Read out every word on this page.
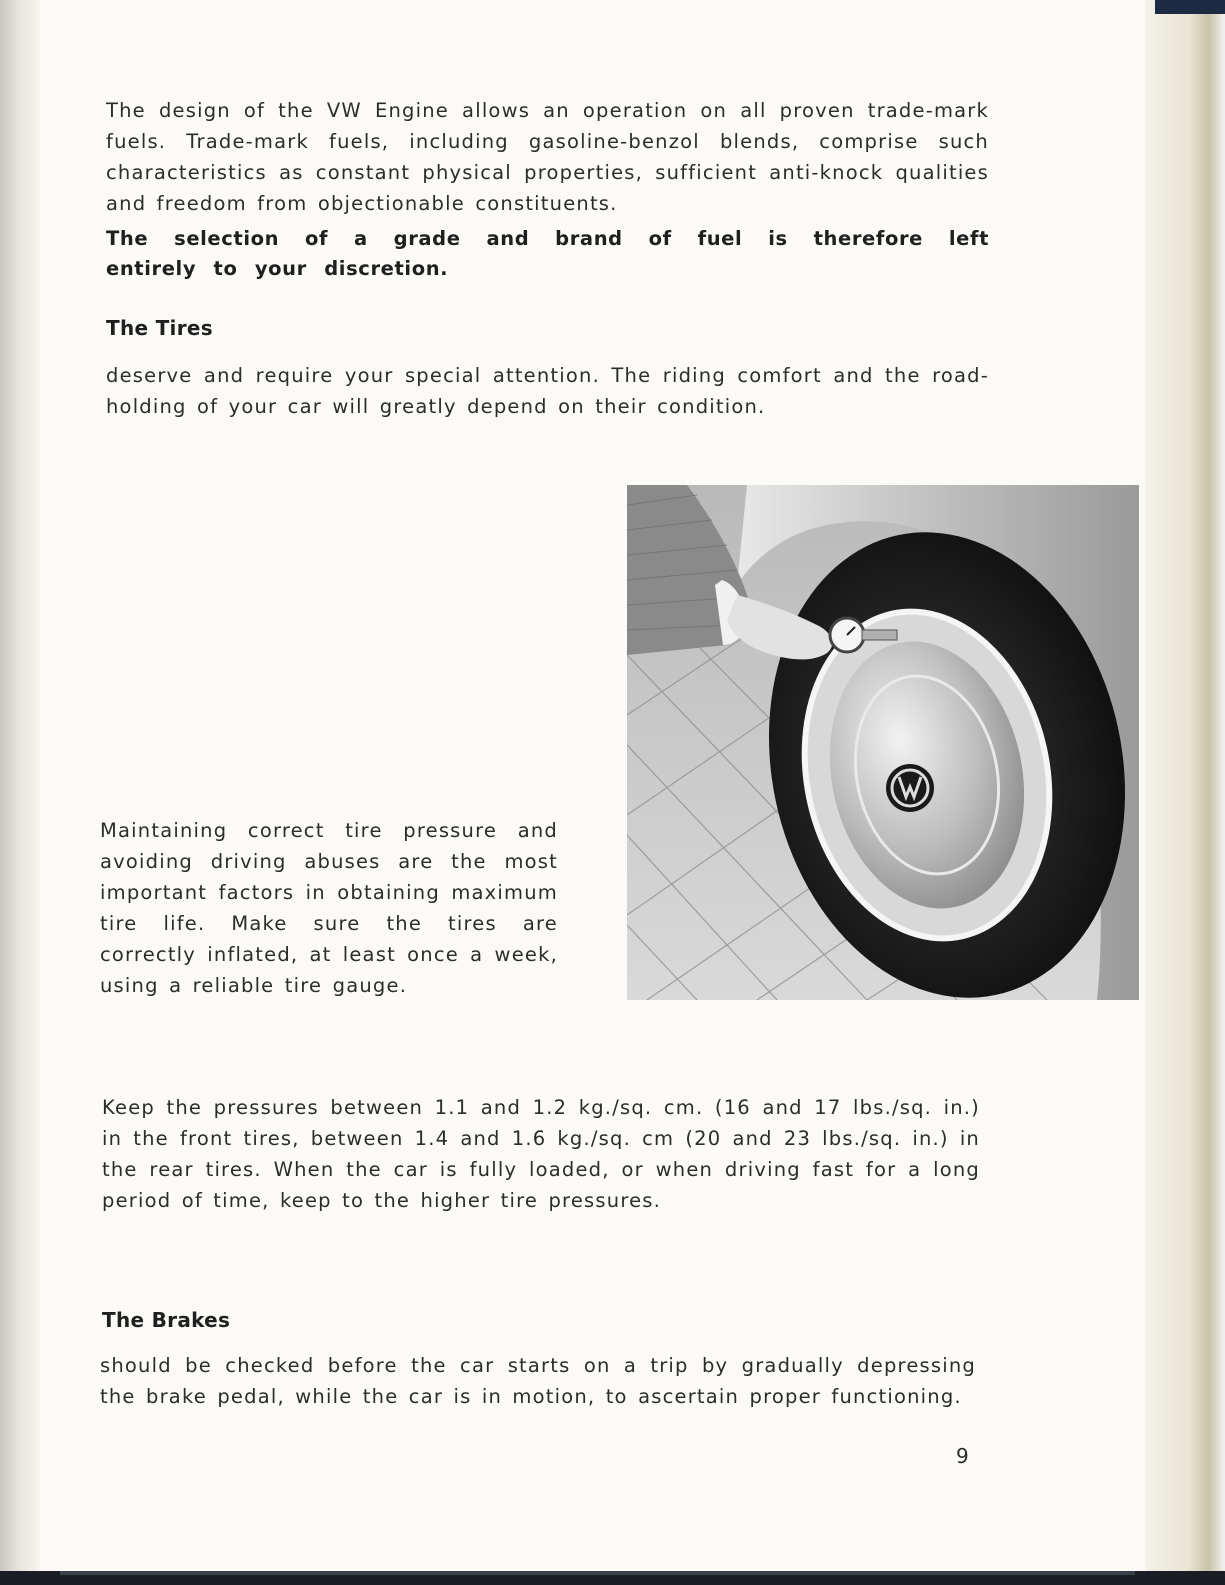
The design of the VW Engine allows an operation on all proven trade-mark fuels. Trade-mark fuels, including gasoline-benzol blends, comprise such characteristics as constant physical properties, sufficient anti-knock qualities and freedom from objectionable constituents.

The selection of a grade and brand of fuel is therefore left entirely to your discretion.

The Tires

deserve and require your special attention. The riding comfort and the road-holding of your car will greatly depend on their condition.

Maintaining correct tire pressure and avoiding driving abuses are the most important factors in obtaining maximum tire life. Make sure the tires are correctly inflated, at least once a week, using a reliable tire gauge.

Keep the pressures between 1.1 and 1.2 kg./sq. cm. (16 and 17 lbs./sq. in.) in the front tires, between 1.4 and 1.6 kg./sq. cm (20 and 23 lbs./sq. in.) in the rear tires. When the car is fully loaded, or when driving fast for a long period of time, keep to the higher tire pressures.

The Brakes

should be checked before the car starts on a trip by gradually depressing the brake pedal, while the car is in motion, to ascertain proper functioning.

9
